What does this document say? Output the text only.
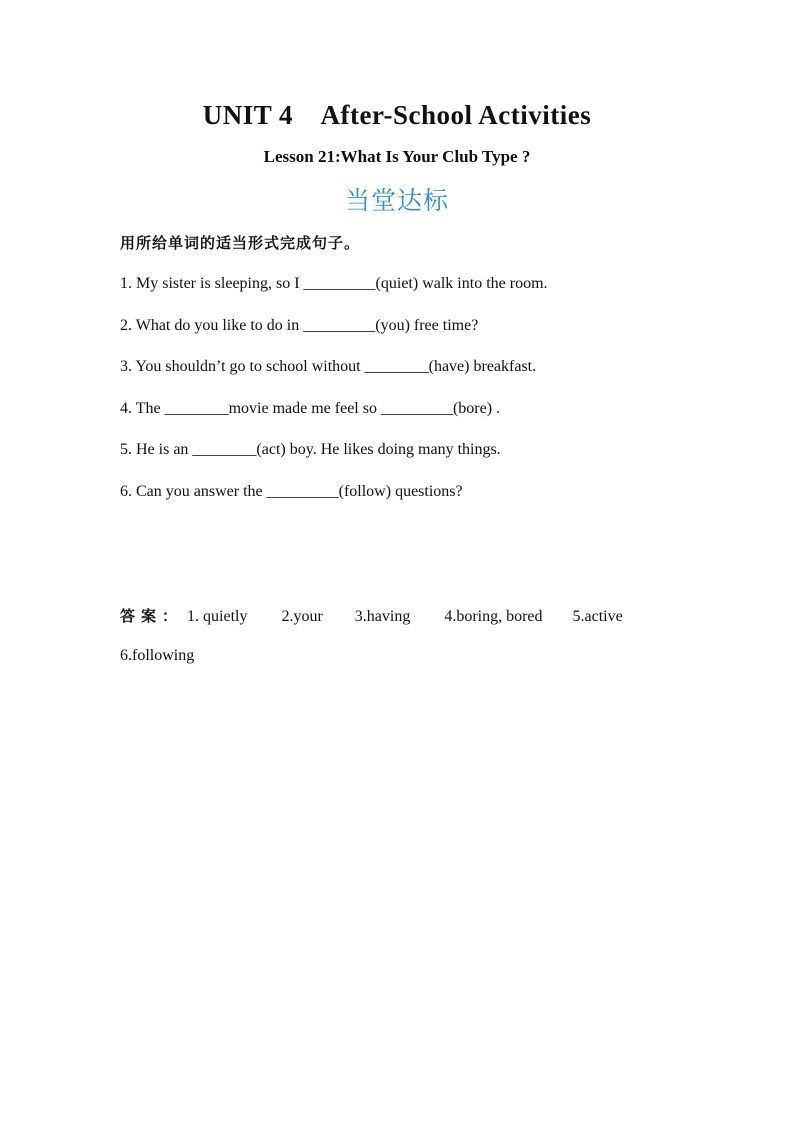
UNIT 4    After-School Activities
Lesson 21:What Is Your Club Type ?
当堂达标
用所给单词的适当形式完成句子。
1. My sister is sleeping, so I _________(quiet) walk into the room.
2. What do you like to do in _________(you) free time?
3. You shouldn’t go to school without ________(have) breakfast.
4. The ________movie made me feel so _________(bore) .
5. He is an ________(act) boy. He likes doing many things.
6. Can you answer the _________(follow) questions?
答案： 1. quietly 2.your 3.having 4.boring, bored 5.active
6.following
